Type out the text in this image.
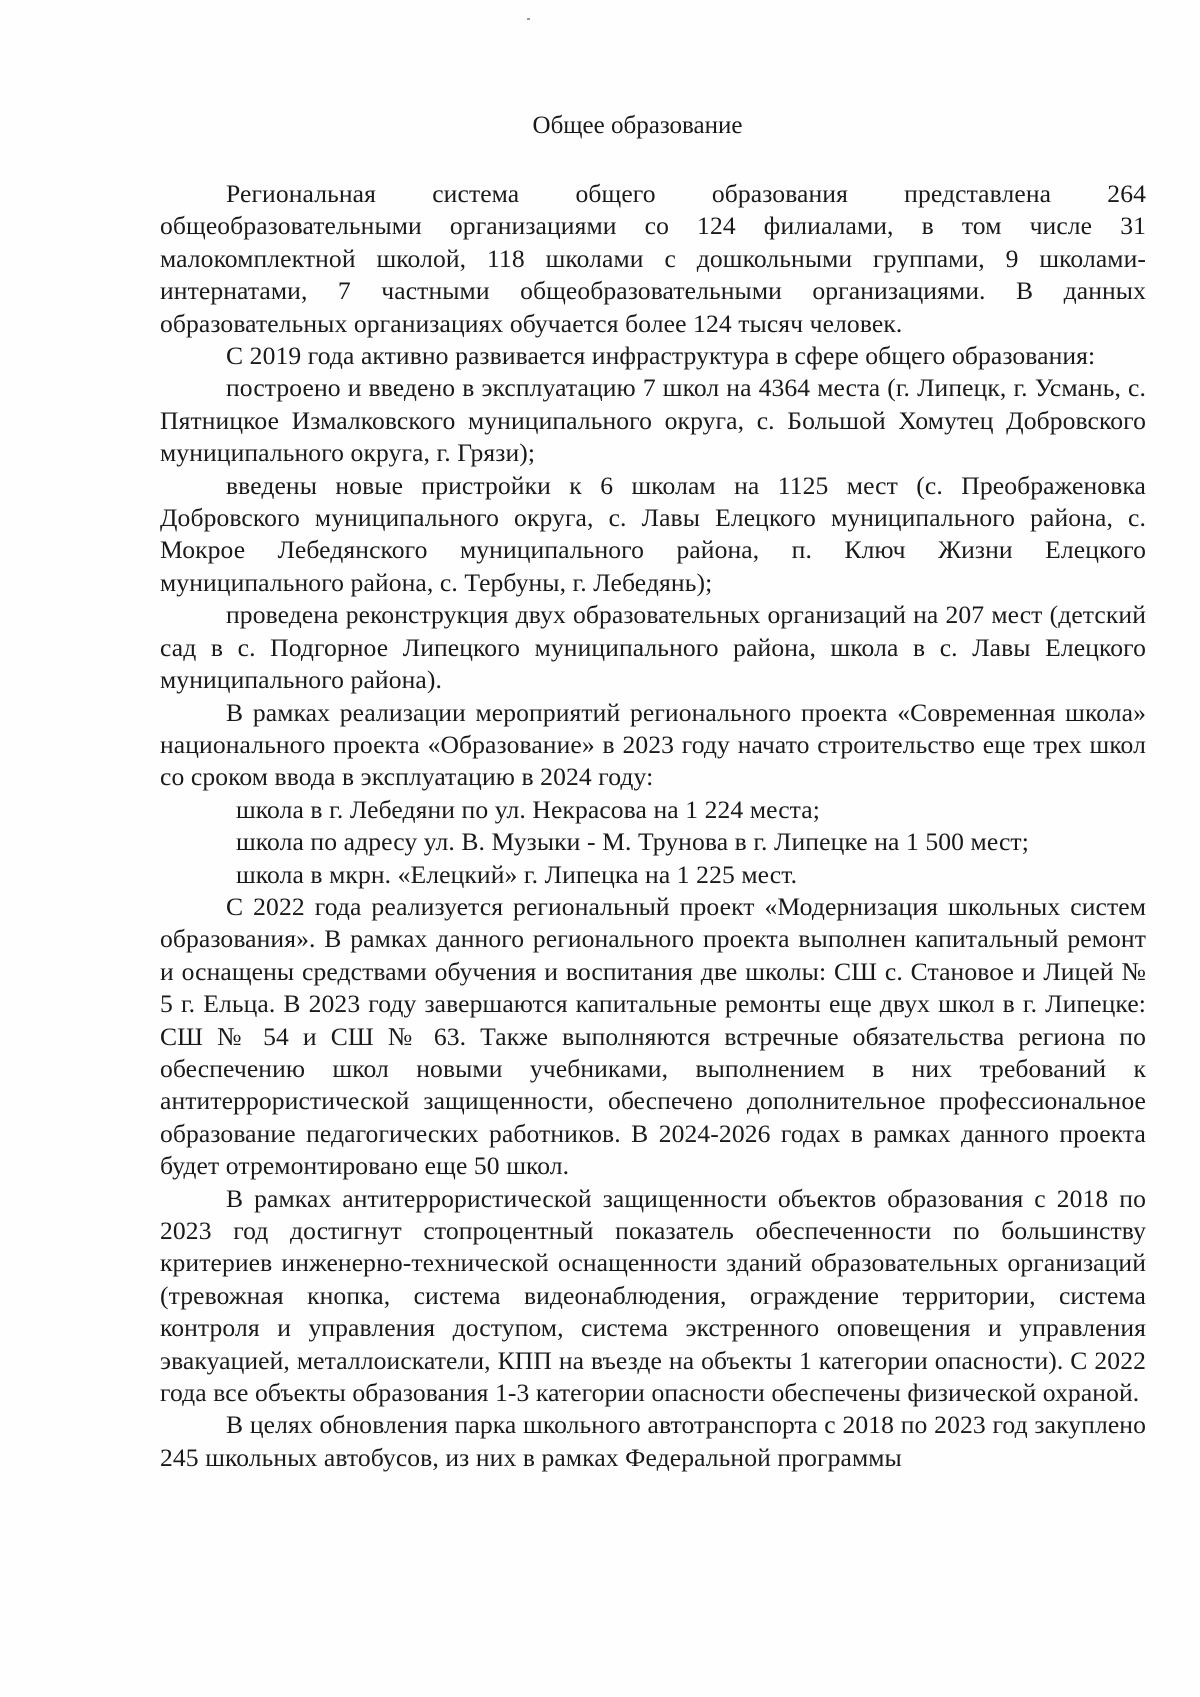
Общее образование

Региональная система общего образования представлена 264 общеобразовательными организациями со 124 филиалами, в том числе 31 малокомплектной школой, 118 школами с дошкольными группами, 9 школами-интернатами, 7 частными общеобразовательными организациями. В данных образовательных организациях обучается более 124 тысяч человек.

С 2019 года активно развивается инфраструктура в сфере общего образования:

построено и введено в эксплуатацию 7 школ на 4364 места (г. Липецк, г. Усмань, с. Пятницкое Измалковского муниципального округа, с. Большой Хомутец Добровского муниципального округа, г. Грязи);

введены новые пристройки к 6 школам на 1125 мест (с. Преображеновка Добровского муниципального округа, с. Лавы Елецкого муниципального района, с. Мокрое Лебедянского муниципального района, п. Ключ Жизни Елецкого муниципального района, с. Тербуны, г. Лебедянь);

проведена реконструкция двух образовательных организаций на 207 мест (детский сад в с. Подгорное Липецкого муниципального района, школа в с. Лавы Елецкого муниципального района).

В рамках реализации мероприятий регионального проекта «Современная школа» национального проекта «Образование» в 2023 году начато строительство еще трех школ со сроком ввода в эксплуатацию в 2024 году:

школа в г. Лебедяни по ул. Некрасова на 1 224 места;

школа по адресу ул. В. Музыки - М. Трунова в г. Липецке на 1 500 мест;

школа в мкрн. «Елецкий» г. Липецка на 1 225 мест.

С 2022 года реализуется региональный проект «Модернизация школьных систем образования». В рамках данного регионального проекта выполнен капитальный ремонт и оснащены средствами обучения и воспитания две школы: СШ с. Становое и Лицей № 5 г. Ельца. В 2023 году завершаются капитальные ремонты еще двух школ в г. Липецке: СШ № 54 и СШ № 63. Также выполняются встречные обязательства региона по обеспечению школ новыми учебниками, выполнением в них требований к антитеррористической защищенности, обеспечено дополнительное профессиональное образование педагогических работников. В 2024-2026 годах в рамках данного проекта будет отремонтировано еще 50 школ.

В рамках антитеррористической защищенности объектов образования с 2018 по 2023 год достигнут стопроцентный показатель обеспеченности по большинству критериев инженерно-технической оснащенности зданий образовательных организаций (тревожная кнопка, система видеонаблюдения, ограждение территории, система контроля и управления доступом, система экстренного оповещения и управления эвакуацией, металлоискатели, КПП на въезде на объекты 1 категории опасности). С 2022 года все объекты образования 1-3 категории опасности обеспечены физической охраной.

В целях обновления парка школьного автотранспорта с 2018 по 2023 год закуплено 245 школьных автобусов, из них в рамках Федеральной программы
